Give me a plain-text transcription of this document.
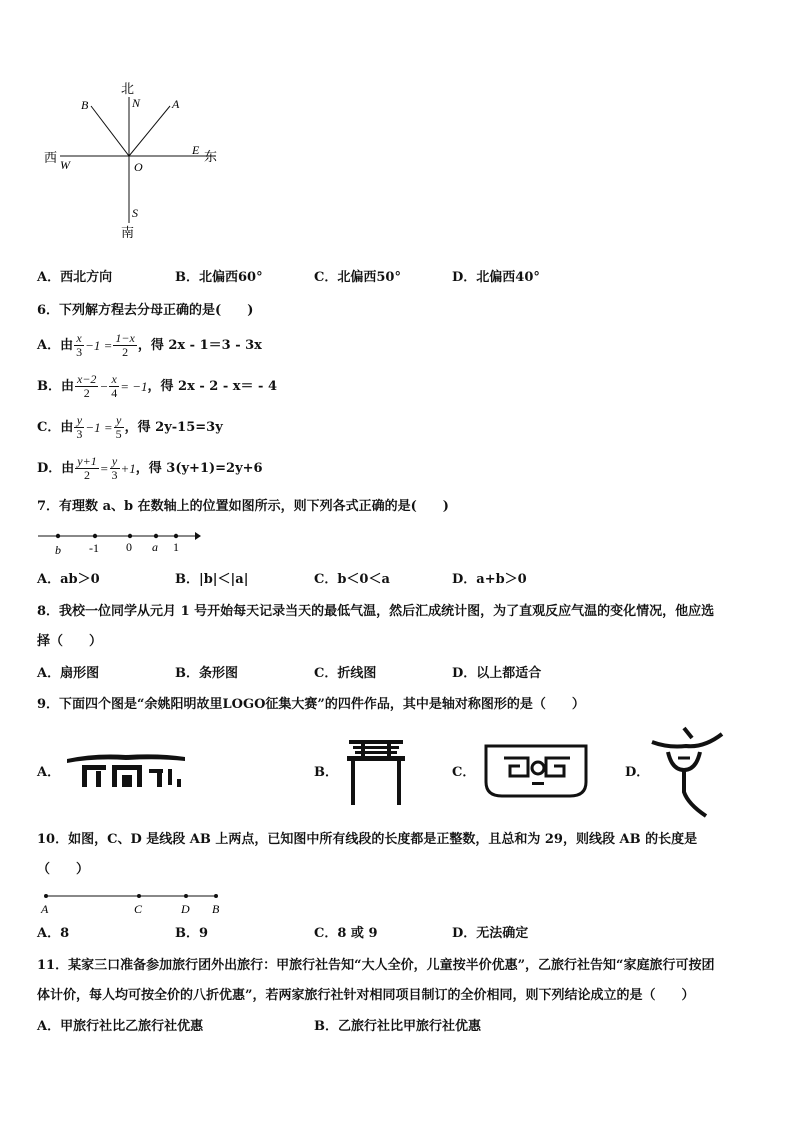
北
N
B	A
西 W	O
E 东
S
南
A．西北方向	B．北偏西60°	C．北偏西50°	D．北偏西40°
6．下列解方程去分母正确的是(　　)
A．由 $\frac{x}{3} -1 = \frac{1-x}{2}$ ，得 2x - 1＝3 - 3x
B．由 $\frac{x-2}{2} - \frac{x}{4} = -1$ ，得 2x - 2 - x＝ - 4
C．由 $\frac{y}{3} -1 = \frac{y}{5}$ ，得 2y-15=3y
D．由 $\frac{y+1}{2} = \frac{y}{3} +1$ ，得 3(y+1)=2y+6
7．有理数 a、b 在数轴上的位置如图所示，则下列各式正确的是(　　)
b -1 0 a 1
A．ab＞0	B．|b|＜|a|	C．b＜0＜a	D．a+b＞0
8．我校一位同学从元月 1 号开始每天记录当天的最低气温，然后汇成统计图，为了直观反应气温的变化情况，他应选
择（　　）
A．扇形图	B．条形图	C．折线图	D．以上都适合
9．下面四个图是“余姚阳明故里LOGO征集大赛”的四件作品，其中是轴对称图形的是（　　）
A．	B．	C．	D．
10．如图，C、D 是线段 AB 上两点，已知图中所有线段的长度都是正整数，且总和为 29，则线段 AB 的长度是
（　　）
A	C	D B
A．8	B．9	C．8 或 9	D．无法确定
11．某家三口准备参加旅行团外出旅行：甲旅行社告知“大人全价，儿童按半价优惠”，乙旅行社告知“家庭旅行可按团
体计价，每人均可按全价的八折优惠”，若两家旅行社针对相同项目制订的全价相同，则下列结论成立的是（　　）
A．甲旅行社比乙旅行社优惠	B．乙旅行社比甲旅行社优惠
